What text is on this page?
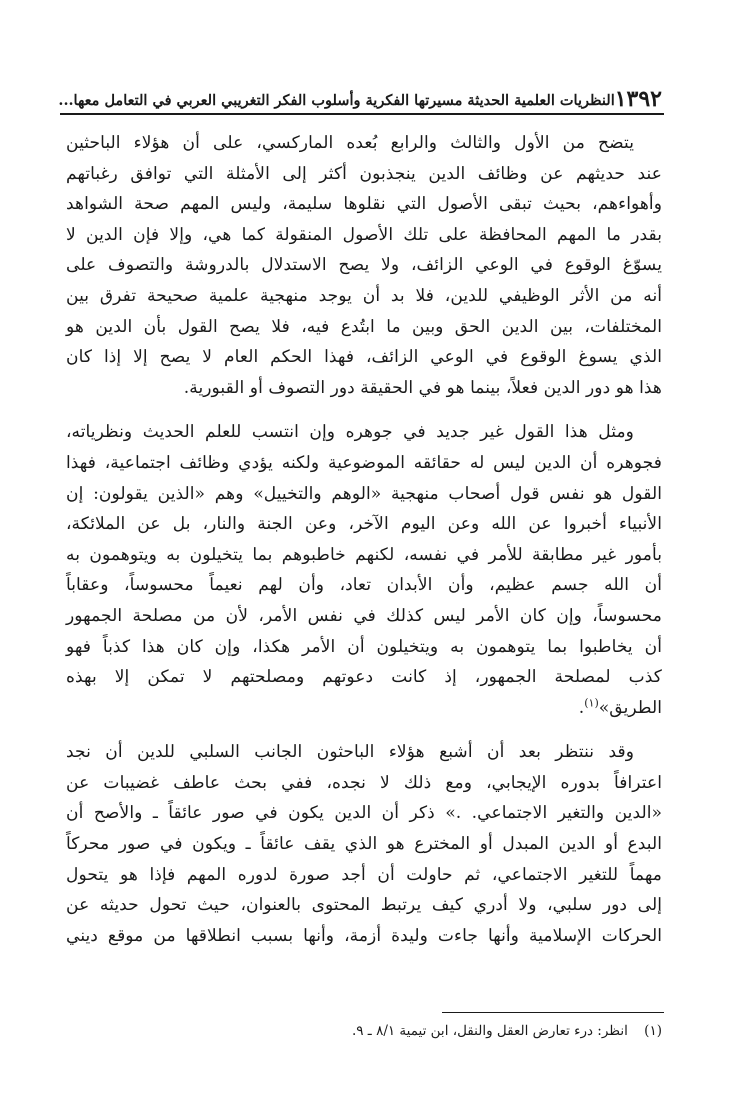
١٣٩٢
النظريات العلمية الحديثة مسيرتها الفكرية وأسلوب الفكر التغريبي العربي في التعامل معها...

يتضح من الأول والثالث والرابع بُعده الماركسي، على أن هؤلاء الباحثين
عند حديثهم عن وظائف الدين ينجذبون أكثر إلى الأمثلة التي توافق رغباتهم
وأهواءهم، بحيث تبقى الأصول التي نقلوها سليمة، وليس المهم صحة الشواهد
بقدر ما المهم المحافظة على تلك الأصول المنقولة كما هي، وإلا فإن الدين لا
يسوّغ الوقوع في الوعي الزائف، ولا يصح الاستدلال بالدروشة والتصوف على
أنه من الأثر الوظيفي للدين، فلا بد أن يوجد منهجية علمية صحيحة تفرق بين
المختلفات، بين الدين الحق وبين ما ابتُدع فيه، فلا يصح القول بأن الدين هو
الذي يسوغ الوقوع في الوعي الزائف، فهذا الحكم العام لا يصح إلا إذا كان
هذا هو دور الدين فعلاً، بينما هو في الحقيقة دور التصوف أو القبورية.

ومثل هذا القول غير جديد في جوهره وإن انتسب للعلم الحديث ونظرياته،
فجوهره أن الدين ليس له حقائقه الموضوعية ولكنه يؤدي وظائف اجتماعية، فهذا
القول هو نفس قول أصحاب منهجية «الوهم والتخييل» وهم «الذين يقولون: إن
الأنبياء أخبروا عن الله وعن اليوم الآخر، وعن الجنة والنار، بل عن الملائكة،
بأمور غير مطابقة للأمر في نفسه، لكنهم خاطبوهم بما يتخيلون به ويتوهمون به
أن الله جسم عظيم، وأن الأبدان تعاد، وأن لهم نعيماً محسوساً، وعقاباً
محسوساً، وإن كان الأمر ليس كذلك في نفس الأمر، لأن من مصلحة الجمهور
أن يخاطبوا بما يتوهمون به ويتخيلون أن الأمر هكذا، وإن كان هذا كذباً فهو
كذب لمصلحة الجمهور، إذ كانت دعوتهم ومصلحتهم لا تمكن إلا بهذه
الطريق»$^{(١)}$.

وقد ننتظر بعد أن أشبع هؤلاء الباحثون الجانب السلبي للدين أن نجد
اعترافاً بدوره الإيجابي، ومع ذلك لا نجده، ففي بحث عاطف غضيبات عن
«الدين والتغير الاجتماعي. .» ذكر أن الدين يكون في صور عائقاً ـ والأصح أن
البدع أو الدين المبدل أو المخترع هو الذي يقف عائقاً ـ ويكون في صور محركاً
مهماً للتغير الاجتماعي، ثم حاولت أن أجد صورة لدوره المهم فإذا هو يتحول
إلى دور سلبي، ولا أدري كيف يرتبط المحتوى بالعنوان، حيث تحول حديثه عن
الحركات الإسلامية وأنها جاءت وليدة أزمة، وأنها بسبب انطلاقها من موقع ديني

(١) انظر: درء تعارض العقل والنقل، ابن تيمية ٨/١ ـ ٩.
